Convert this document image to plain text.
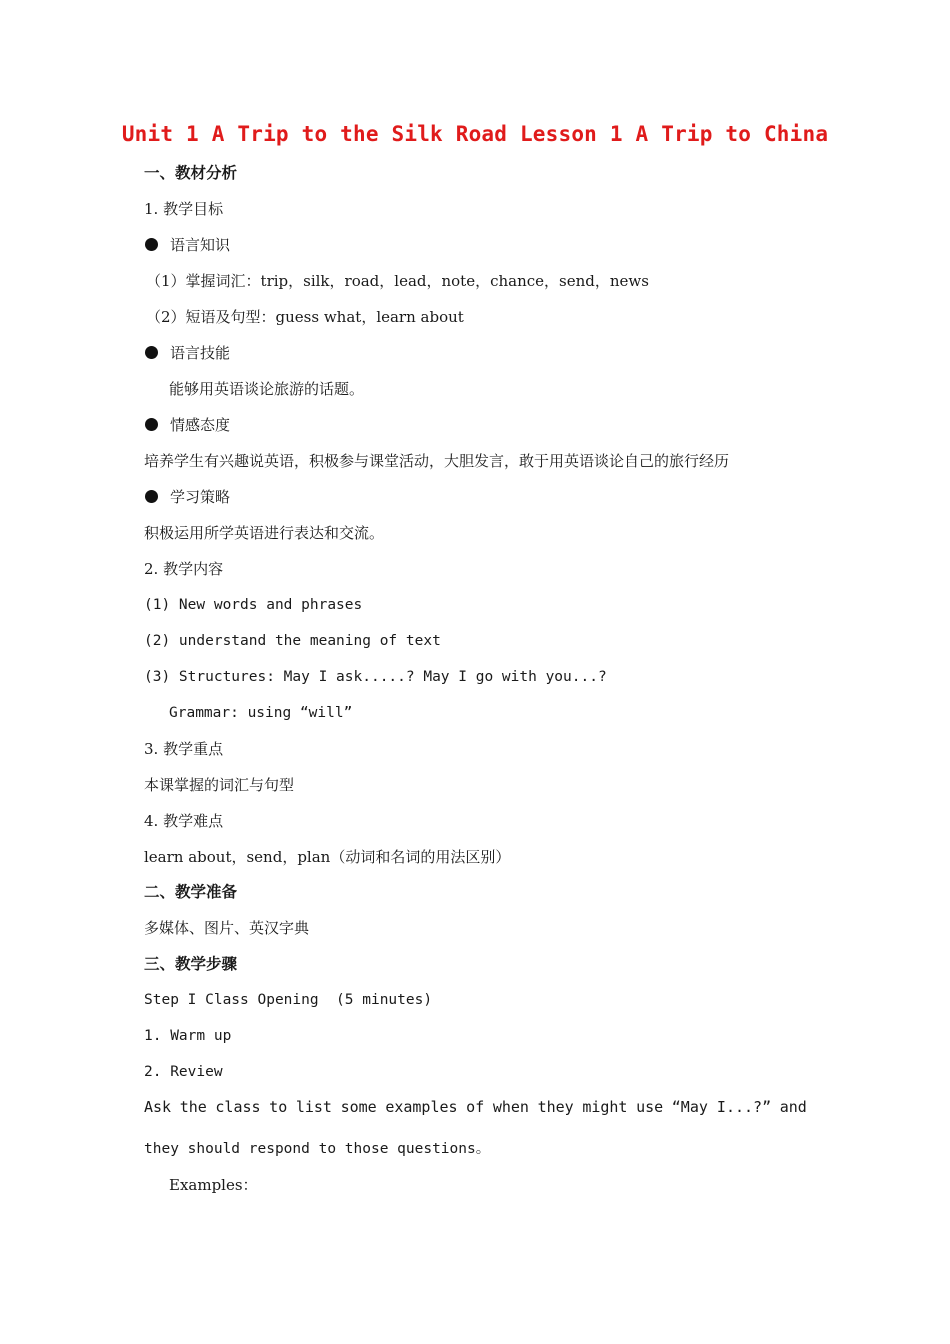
Unit 1 A Trip to the Silk Road Lesson 1 A Trip to China
一、教材分析
1. 教学目标
语言知识
（1）掌握词汇：trip，silk，road，lead，note，chance，send，news
（2）短语及句型：guess what，learn about
语言技能
能够用英语谈论旅游的话题。
情感态度
培养学生有兴趣说英语，积极参与课堂活动，大胆发言，敢于用英语谈论自己的旅行经历
学习策略
积极运用所学英语进行表达和交流。
2. 教学内容
(1) New words and phrases
(2) understand the meaning of text
(3) Structures: May I ask.....? May I go with you...?
Grammar: using “will”
3. 教学重点
本课掌握的词汇与句型
4. 教学难点
learn about，send，plan（动词和名词的用法区别）
二、教学准备
多媒体、图片、英汉字典
三、教学步骤
Step I Class Opening  (5 minutes)
1. Warm up
2. Review
Ask the class to list some examples of when they might use “May I...?” and
they should respond to those questions。
Examples：
